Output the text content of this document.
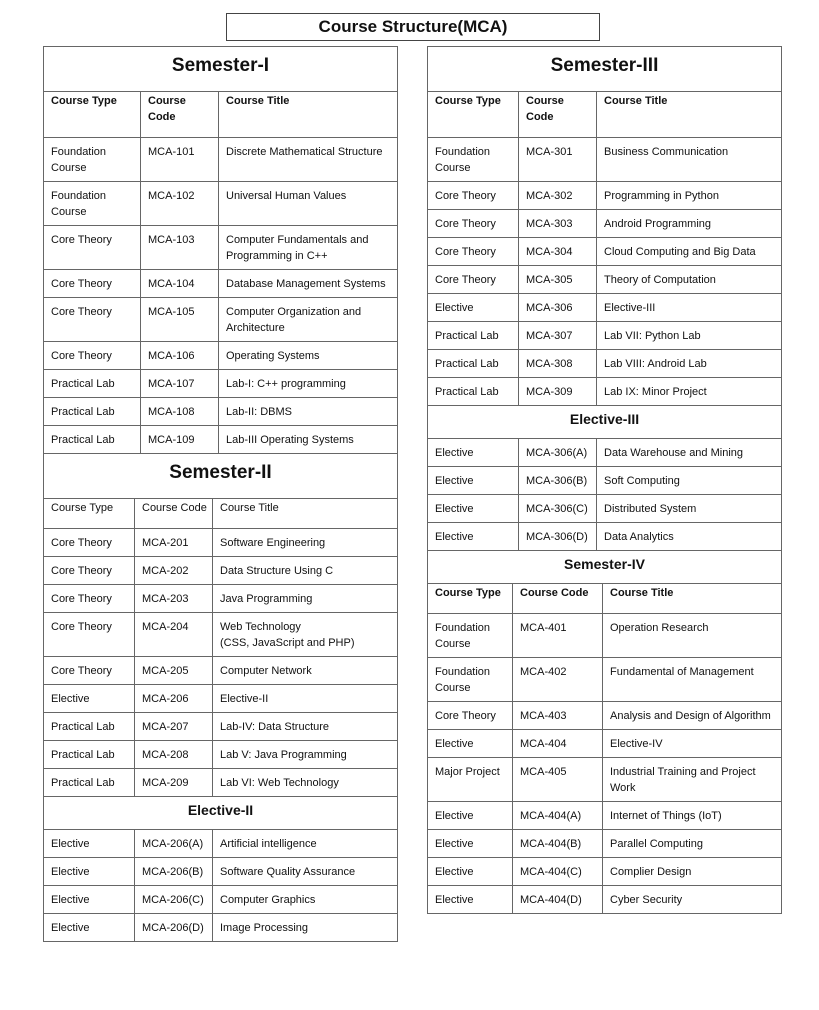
Course Structure(MCA)
Semester-I		
Course Type	Course Code	Course Title
Foundation Course	MCA-101	Discrete Mathematical Structure
Foundation Course	MCA-102	Universal Human Values
Core Theory	MCA-103	Computer Fundamentals and Programming in C++
Core Theory	MCA-104	Database Management Systems
Core Theory	MCA-105	Computer Organization and Architecture
Core Theory	MCA-106	Operating Systems
Practical Lab	MCA-107	Lab-I: C++ programming
Practical Lab	MCA-108	Lab-II: DBMS
Practical Lab	MCA-109	Lab-III Operating Systems
Semester-II		
Course Type	Course Code	Course Title
Core Theory	MCA-201	Software Engineering
Core Theory	MCA-202	Data Structure Using C
Core Theory	MCA-203	Java Programming
Core Theory	MCA-204	Web Technology
(CSS, JavaScript and PHP)
Core Theory	MCA-205	Computer Network
Elective	MCA-206	Elective-II
Practical Lab	MCA-207	Lab-IV: Data Structure
Practical Lab	MCA-208	Lab V: Java Programming
Practical Lab	MCA-209	Lab VI: Web Technology
Elective-II		
Elective	MCA-206(A)	Artificial intelligence
Elective	MCA-206(B)	Software Quality Assurance
Elective	MCA-206(C)	Computer Graphics
Elective	MCA-206(D)	Image Processing
Semester-III		
Course Type	Course Code	Course Title
Foundation Course	MCA-301	Business Communication
Core Theory	MCA-302	Programming in Python
Core Theory	MCA-303	Android Programming
Core Theory	MCA-304	Cloud Computing and Big Data
Core Theory	MCA-305	Theory of Computation
Elective	MCA-306	Elective-III
Practical Lab	MCA-307	Lab VII: Python Lab
Practical Lab	MCA-308	Lab VIII: Android Lab
Practical Lab	MCA-309	Lab IX: Minor Project
Elective-III		
Elective	MCA-306(A)	Data Warehouse and Mining
Elective	MCA-306(B)	Soft Computing
Elective	MCA-306(C)	Distributed System
Elective	MCA-306(D)	Data Analytics
Semester-IV		
Course Type	Course Code	Course Title
Foundation Course	MCA-401	Operation Research
Foundation Course	MCA-402	Fundamental of Management
Core Theory	MCA-403	Analysis and Design of Algorithm
Elective	MCA-404	Elective-IV
Major Project	MCA-405	Industrial Training and Project Work
Elective	MCA-404(A)	Internet of Things (IoT)
Elective	MCA-404(B)	Parallel Computing
Elective	MCA-404(C)	Complier Design
Elective	MCA-404(D)	Cyber Security
